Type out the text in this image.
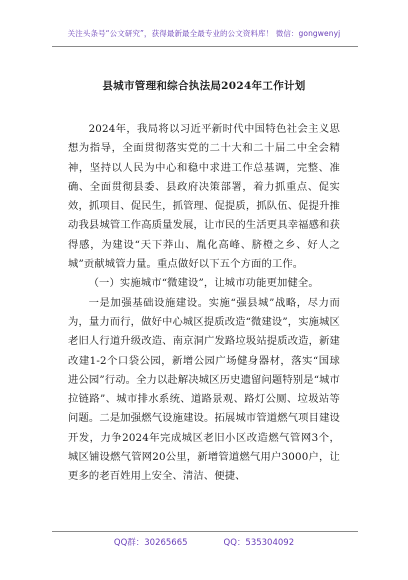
关注头条号“公文研究”，获得最新最全最专业的公文资料库！ 微信：gongwenyj
县城市管理和综合执法局2024年工作计划

2024年，我局将以习近平新时代中国特色社会主义思想为指导，全面贯彻落实党的二十大和二十届二中全会精神，坚持以人民为中心和稳中求进工作总基调，完整、准确、全面贯彻县委、县政府决策部署，着力抓重点、促实效，抓项目、促民生，抓管理、促提质，抓队伍、促提升推动我县城管工作高质量发展，让市民的生活更具幸福感和获得感，为建设“天下莽山、胤化高峰、脐橙之乡、好人之城”贡献城管力量。重点做好以下五个方面的工作。

（一）实施城市“微建设”，让城市功能更加健全。

一是加强基础设施建设。实施“强县城”战略，尽力而为，量力而行，做好中心城区提质改造“微建设”，实施城区老旧人行道升级改造、南京洞广发路垃圾站提质改造，新建改建1-2个口袋公园，新增公园广场健身器材，落实“国球进公园”行动。全力以赴解决城区历史遗留问题特别是“城市拉链路”、城市排水系统、道路景观、路灯公厕、垃圾站等问题。二是加强燃气设施建设。拓展城市管道燃气项目建设开发，力争2024年完成城区老旧小区改造燃气管网3个，城区铺设燃气管网20公里，新增管道燃气用户3000户，让更多的老百姓用上安全、清洁、便捷、

QQ群：30265665	QQ：535304092
